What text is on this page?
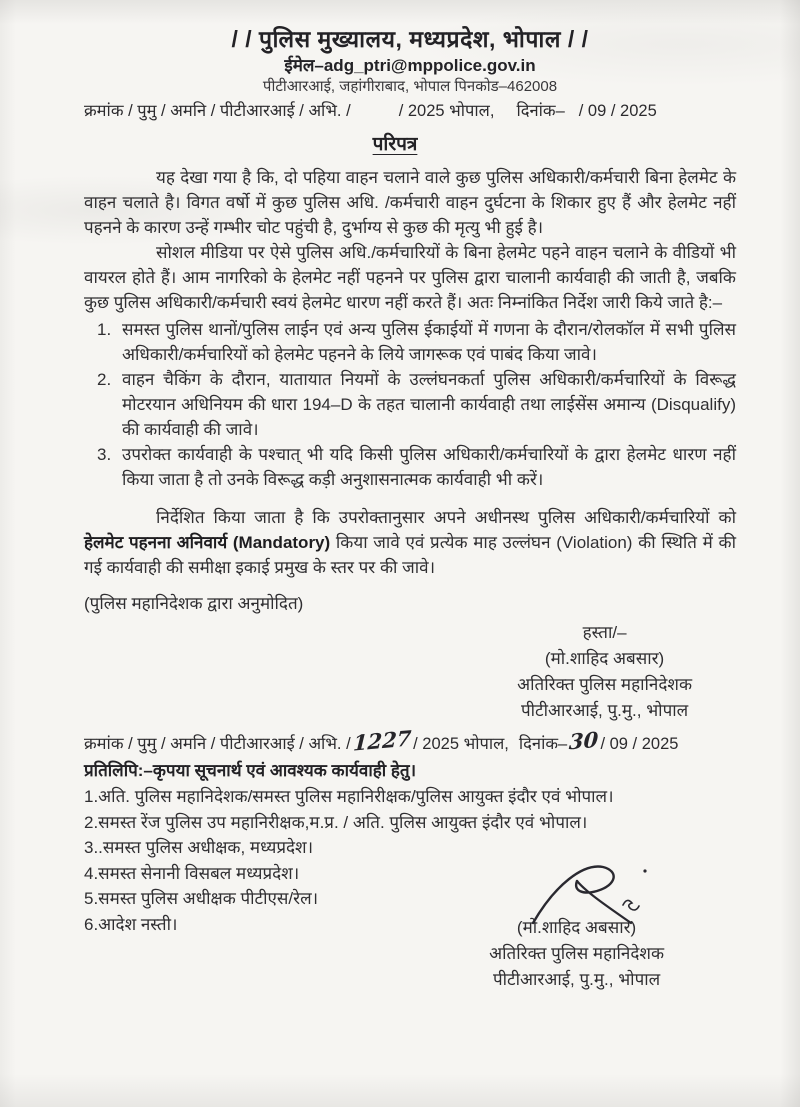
/ / पुलिस मुख्यालय, मध्यप्रदेश, भोपाल / /
ईमेल–adg_ptri@mppolice.gov.in
पीटीआरआई, जहांगीराबाद, भोपाल पिनकोड–462008
क्रमांक / पुमु / अमनि / पीटीआरआई / अभि. /	/ 2025 भोपाल, दिनांक– / 09 / 2025
परिपत्र

यह देखा गया है कि, दो पहिया वाहन चलाने वाले कुछ पुलिस अधिकारी/कर्मचारी बिना हेलमेट के वाहन चलाते है। विगत वर्षो में कुछ पुलिस अधि. /कर्मचारी वाहन दुर्घटना के शिकार हुए हैं और हेलमेट नहीं पहनने के कारण उन्हें गम्भीर चोट पहुंची है, दुर्भाग्य से कुछ की मृत्यु भी हुई है।

सोशल मीडिया पर ऐसे पुलिस अधि./कर्मचारियों के बिना हेलमेट पहने वाहन चलाने के वीडियों भी वायरल होते हैं। आम नागरिको के हेलमेट नहीं पहनने पर पुलिस द्वारा चालानी कार्यवाही की जाती है, जबकि कुछ पुलिस अधिकारी/कर्मचारी स्वयं हेलमेट धारण नहीं करते हैं। अतः निम्नांकित निर्देश जारी किये जाते है:–

समस्त पुलिस थानों/पुलिस लाईन एवं अन्य पुलिस ईकाईयों में गणना के दौरान/रोलकॉल में सभी पुलिस अधिकारी/कर्मचारियों को हेलमेट पहनने के लिये जागरूक एवं पाबंद किया जावे।
वाहन चैकिंग के दौरान, यातायात नियमों के उल्लंघनकर्ता पुलिस अधिकारी/कर्मचारियों के विरूद्ध मोटरयान अधिनियम की धारा 194–D के तहत चालानी कार्यवाही तथा लाईसेंस अमान्य (Disqualify) की कार्यवाही की जावे।
उपरोक्त कार्यवाही के पश्चात् भी यदि किसी पुलिस अधिकारी/कर्मचारियों के द्वारा हेलमेट धारण नहीं किया जाता है तो उनके विरूद्ध कड़ी अनुशासनात्मक कार्यवाही भी करें।

निर्देशित किया जाता है कि उपरोक्तानुसार अपने अधीनस्थ पुलिस अधिकारी/कर्मचारियों को हेलमेट पहनना अनिवार्य (Mandatory) किया जावे एवं प्रत्येक माह उल्लंघन (Violation) की स्थिति में की गई कार्यवाही की समीक्षा इकाई प्रमुख के स्तर पर की जावे।

(पुलिस महानिदेशक द्वारा अनुमोदित)
हस्ता/–
(मो.शाहिद अबसार)
अतिरिक्त पुलिस महानिदेशक
पीटीआरआई, पु.मु., भोपाल
क्रमांक / पुमु / अमनि / पीटीआरआई / अभि. / 1227 / 2025 भोपाल, दिनांक– 30 / 09 / 2025
प्रतिलिपि:–कृपया सूचनार्थ एवं आवश्यक कार्यवाही हेतु।
1.अति. पुलिस महानिदेशक/समस्त पुलिस महानिरीक्षक/पुलिस आयुक्त इंदौर एवं भोपाल।
2.समस्त रेंज पुलिस उप महानिरीक्षक,म.प्र. / अति. पुलिस आयुक्त इंदौर एवं भोपाल।
3..समस्त पुलिस अधीक्षक, मध्यप्रदेश।
4.समस्त सेनानी विसबल मध्यप्रदेश।
5.समस्त पुलिस अधीक्षक पीटीएस/रेल।
6.आदेश नस्ती।	(मो.शाहिद अबसार)
अतिरिक्त पुलिस महानिदेशक
पीटीआरआई, पु.मु., भोपाल
